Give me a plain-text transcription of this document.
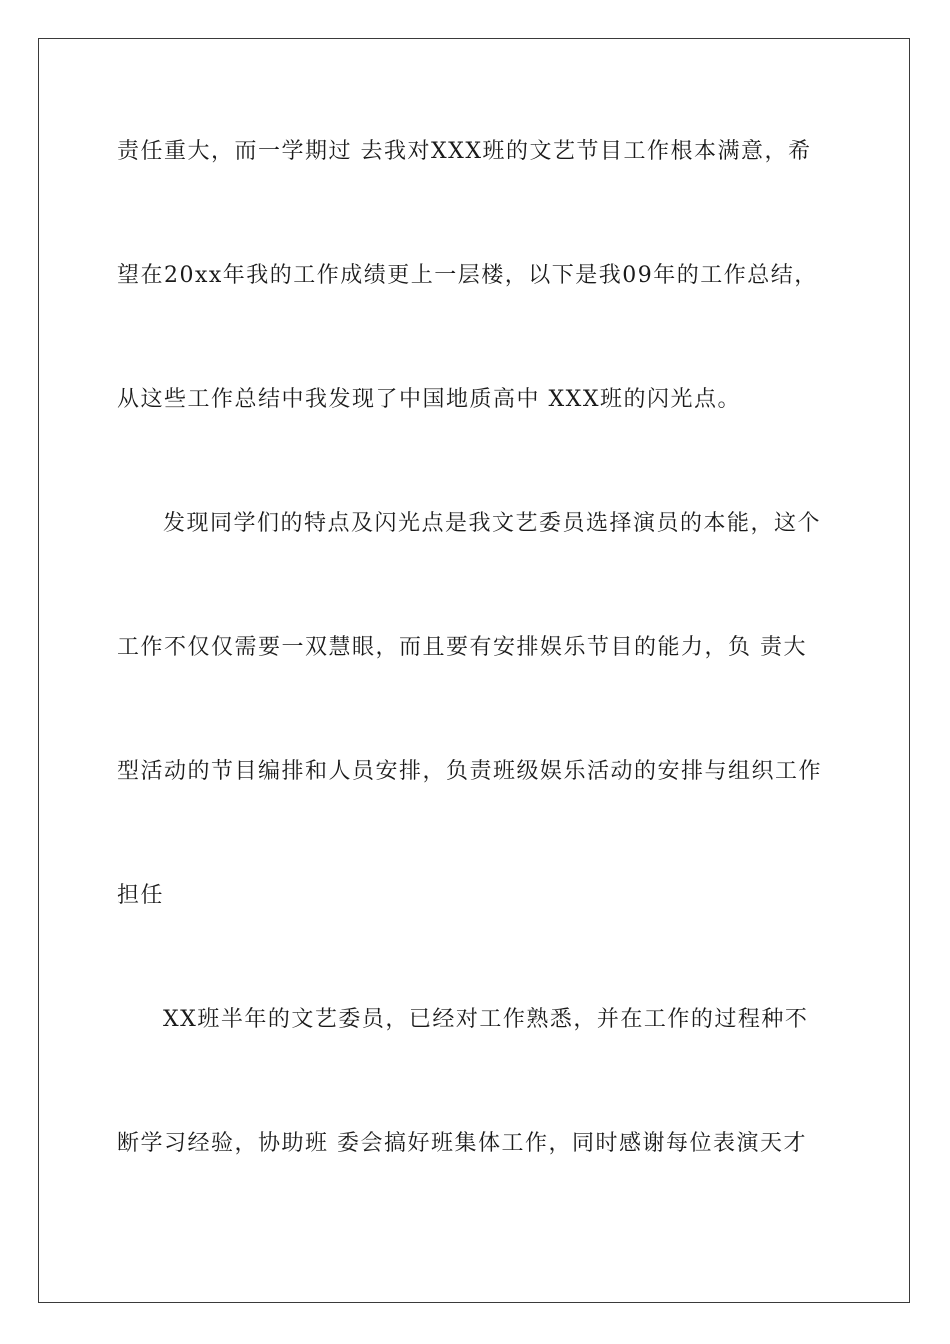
责任重大，而一学期过 去我对XXX班的文艺节目工作根本满意，希
望在20xx年我的工作成绩更上一层楼，以下是我09年的工作总结，
从这些工作总结中我发现了中国地质高中 XXX班的闪光点。
发现同学们的特点及闪光点是我文艺委员选择演员的本能，这个
工作不仅仅需要一双慧眼，而且要有安排娱乐节目的能力，负 责大
型活动的节目编排和人员安排，负责班级娱乐活动的安排与组织工作
担任
XX班半年的文艺委员，已经对工作熟悉，并在工作的过程种不
断学习经验，协助班 委会搞好班集体工作，同时感谢每位表演天才
